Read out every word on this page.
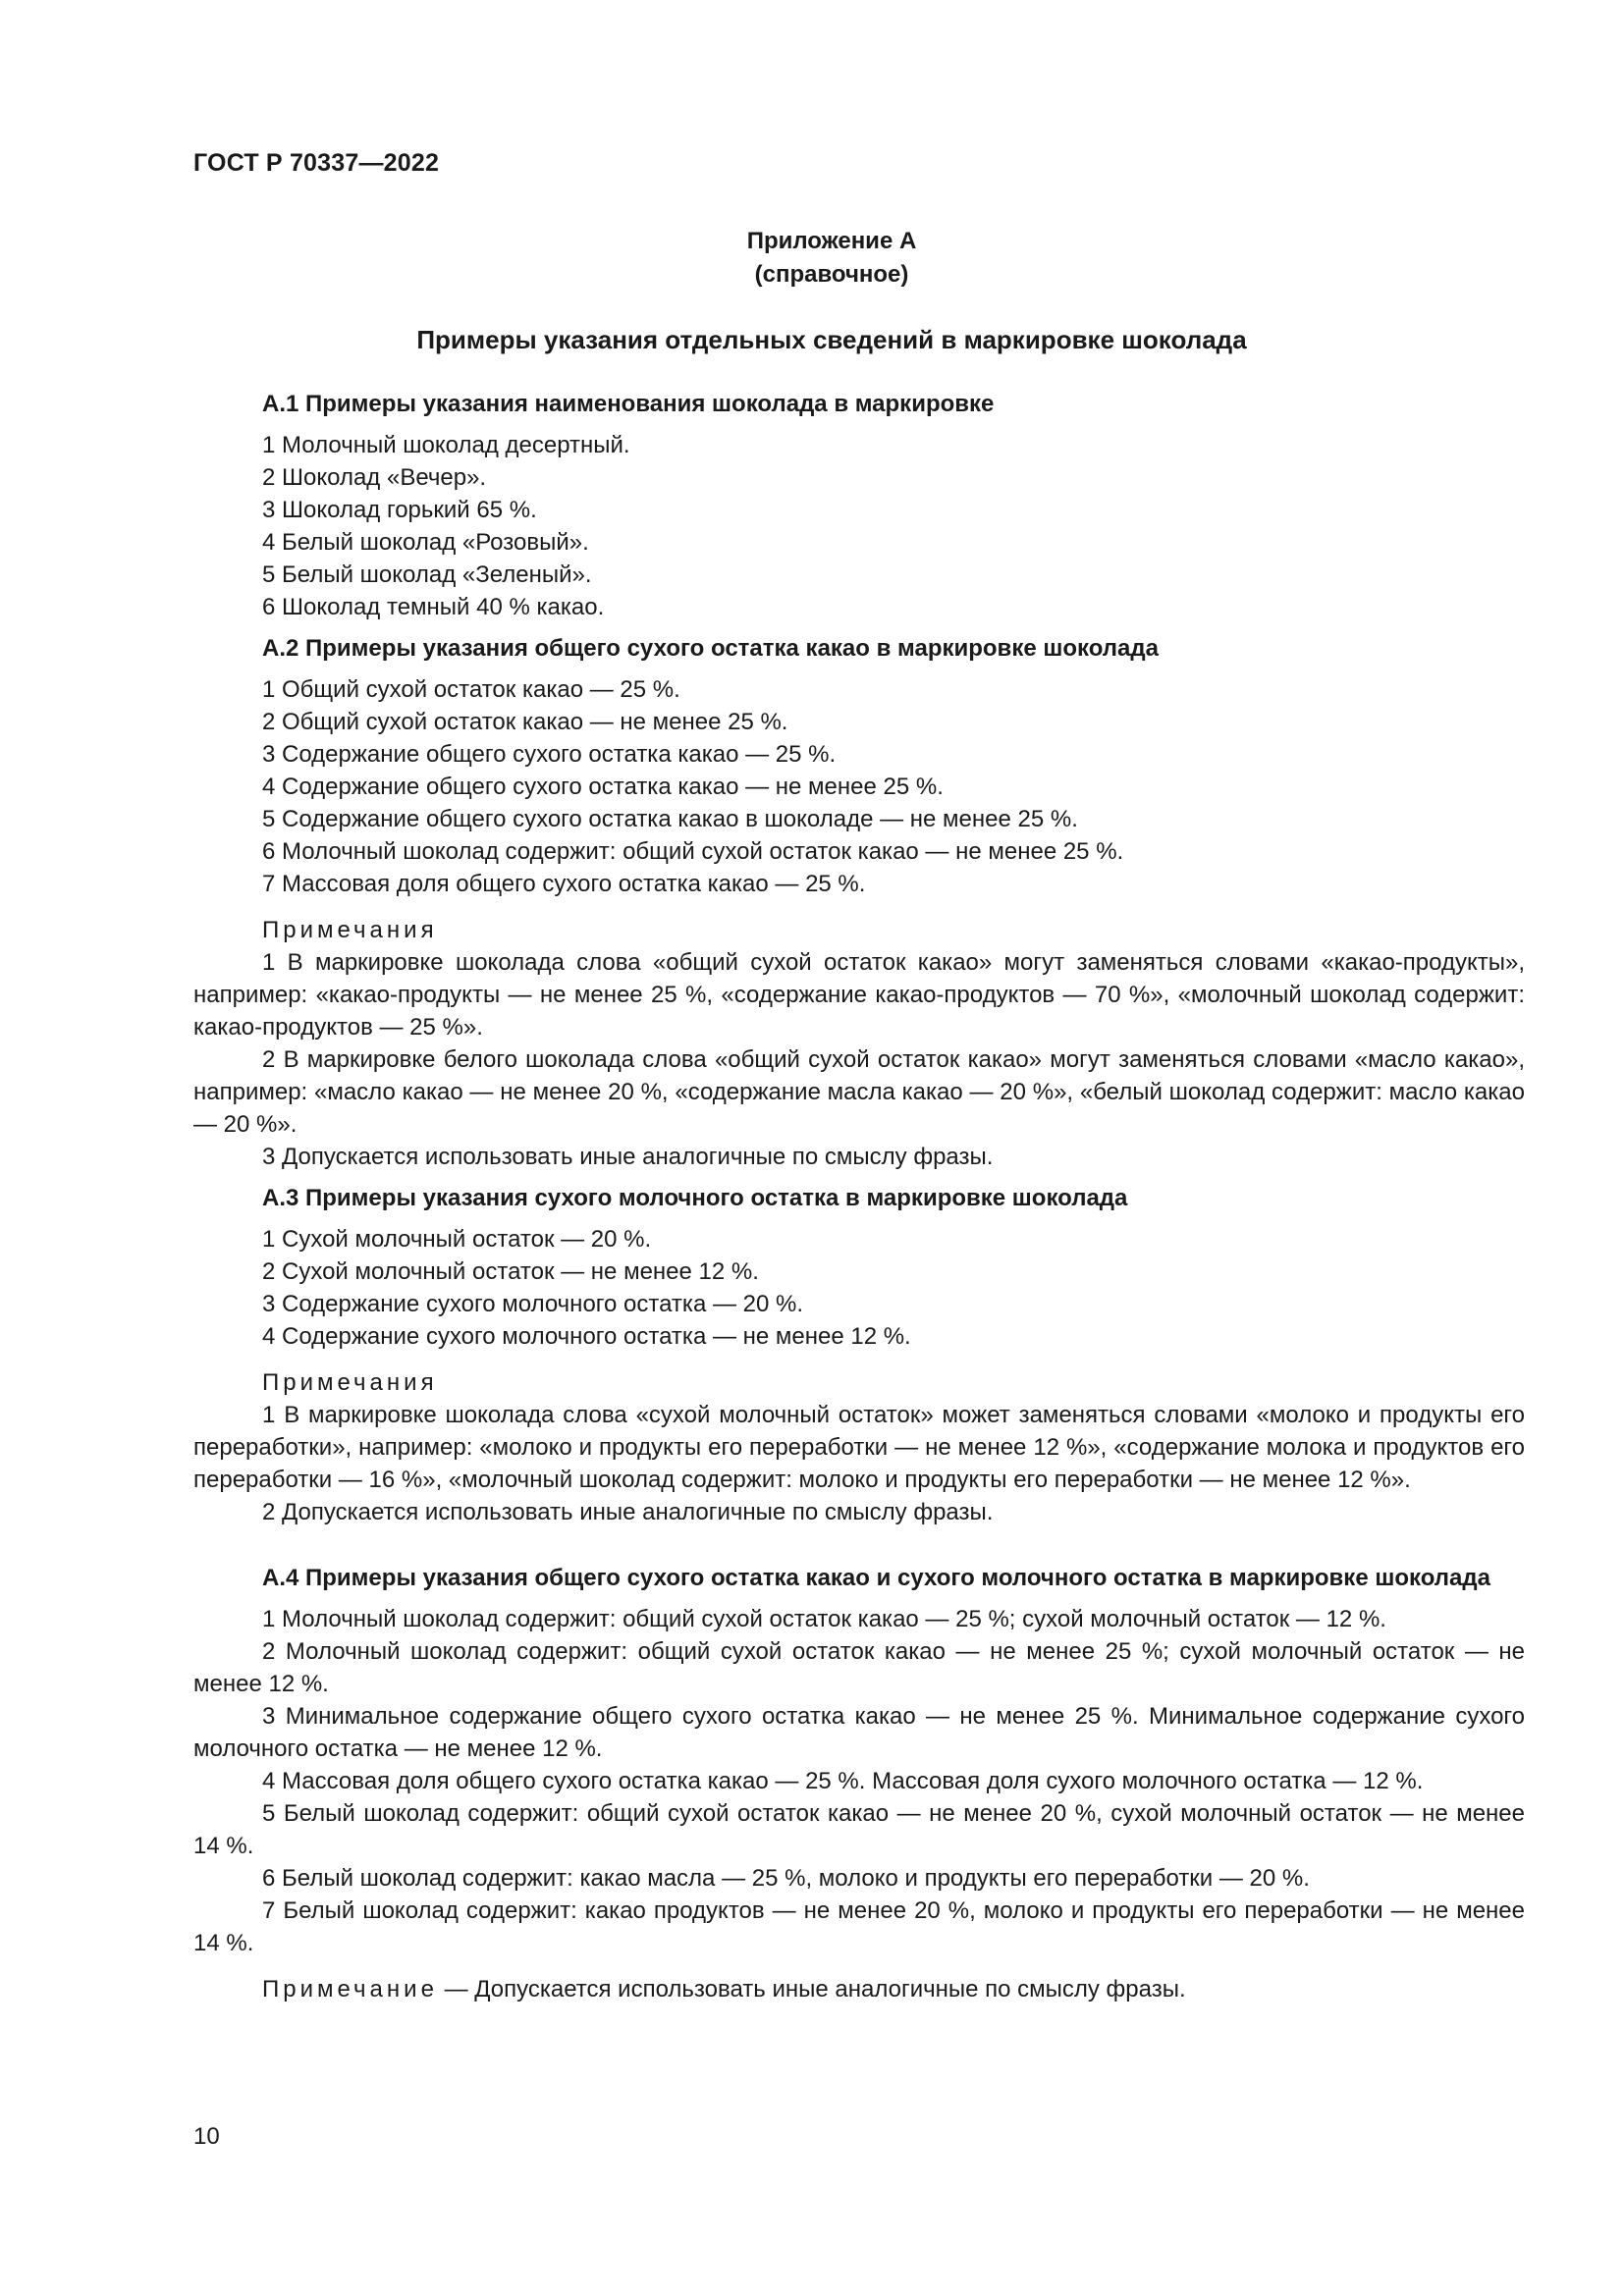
ГОСТ Р 70337—2022
Приложение А
(справочное)
Примеры указания отдельных сведений в маркировке шоколада
А.1 Примеры указания наименования шоколада в маркировке

1 Молочный шоколад десертный.

2 Шоколад «Вечер».

3 Шоколад горький 65 %.

4 Белый шоколад «Розовый».

5 Белый шоколад «Зеленый».

6 Шоколад темный 40 % какао.

А.2 Примеры указания общего сухого остатка какао в маркировке шоколада

1 Общий сухой остаток какао — 25 %.

2 Общий сухой остаток какао — не менее 25 %.

3 Содержание общего сухого остатка какао — 25 %.

4 Содержание общего сухого остатка какао — не менее 25 %.

5 Содержание общего сухого остатка какао в шоколаде — не менее 25 %.

6 Молочный шоколад содержит: общий сухой остаток какао — не менее 25 %.

7 Массовая доля общего сухого остатка какао — 25 %.

Примечания

1 В маркировке шоколада слова «общий сухой остаток какао» могут заменяться словами «какао-продукты», например: «какао-продукты — не менее 25 %, «содержание какао-продуктов — 70 %», «молочный шоколад содержит: какао-продуктов — 25 %».

2 В маркировке белого шоколада слова «общий сухой остаток какао» могут заменяться словами «масло какао», например: «масло какао — не менее 20 %, «содержание масла какао — 20 %», «белый шоколад содержит: масло какао — 20 %».

3 Допускается использовать иные аналогичные по смыслу фразы.

А.3 Примеры указания сухого молочного остатка в маркировке шоколада

1 Сухой молочный остаток — 20 %.

2 Сухой молочный остаток — не менее 12 %.

3 Содержание сухого молочного остатка — 20 %.

4 Содержание сухого молочного остатка — не менее 12 %.

Примечания

1 В маркировке шоколада слова «сухой молочный остаток» может заменяться словами «молоко и продукты его переработки», например: «молоко и продукты его переработки — не менее 12 %», «содержание молока и продуктов его переработки — 16 %», «молочный шоколад содержит: молоко и продукты его переработки — не менее 12 %».

2 Допускается использовать иные аналогичные по смыслу фразы.

А.4 Примеры указания общего сухого остатка какао и сухого молочного остатка в маркировке шоколада

1 Молочный шоколад содержит: общий сухой остаток какао — 25 %; сухой молочный остаток — 12 %.

2 Молочный шоколад содержит: общий сухой остаток какао — не менее 25 %; сухой молочный остаток — не менее 12 %.

3 Минимальное содержание общего сухого остатка какао — не менее 25 %. Минимальное содержание сухого молочного остатка — не менее 12 %.

4 Массовая доля общего сухого остатка какао — 25 %. Массовая доля сухого молочного остатка — 12 %.

5 Белый шоколад содержит: общий сухой остаток какао — не менее 20 %, сухой молочный остаток — не менее 14 %.

6 Белый шоколад содержит: какао масла — 25 %, молоко и продукты его переработки — 20 %.

7 Белый шоколад содержит: какао продуктов — не менее 20 %, молоко и продукты его переработки — не менее 14 %.

Примечание — Допускается использовать иные аналогичные по смыслу фразы.
10
